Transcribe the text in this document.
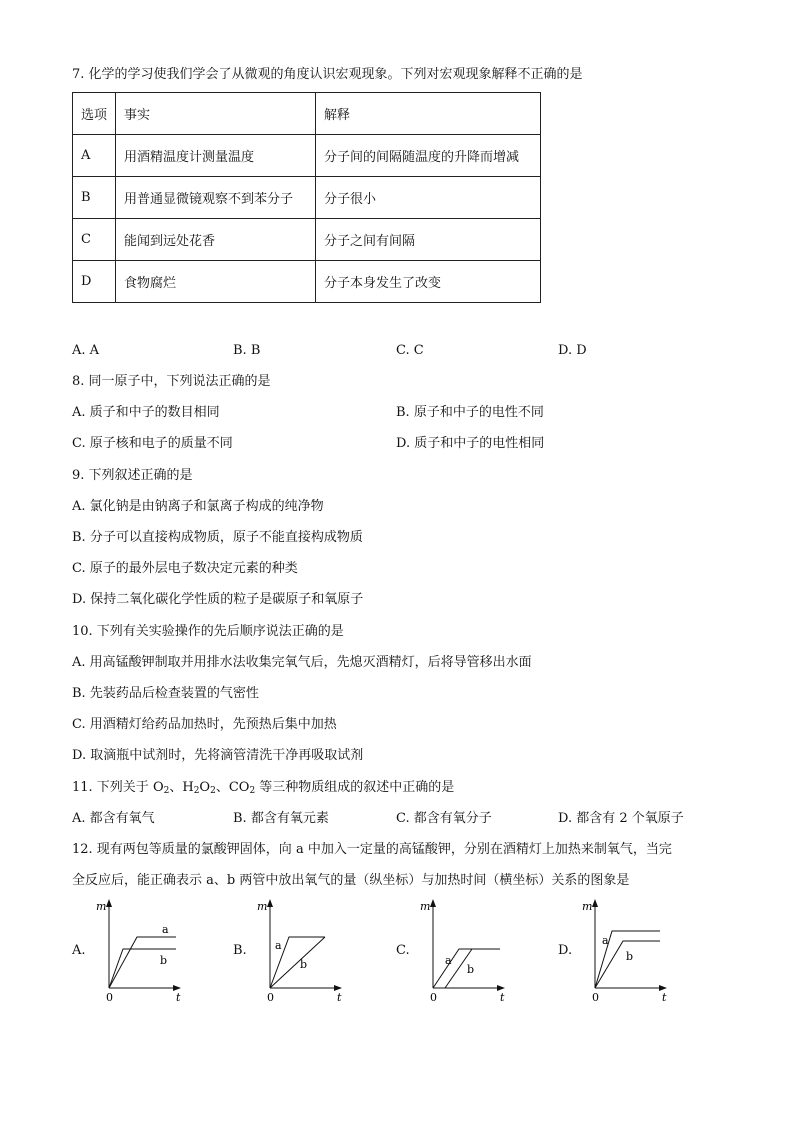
7. 化学的学习使我们学会了从微观的角度认识宏观现象。下列对宏观现象解释不正确的是
选项	事实	解释
A	用酒精温度计测量温度	分子间的间隔随温度的升降而增减
B	用普通显微镜观察不到苯分子	分子很小
C	能闻到远处花香	分子之间有间隔
D	食物腐烂	分子本身发生了改变
A. A	B. B	C. C	D. D
8. 同一原子中，下列说法正确的是
A. 质子和中子的数目相同	B. 原子和中子的电性不同
C. 原子核和电子的质量不同	D. 质子和中子的电性相同
9. 下列叙述正确的是
A. 氯化钠是由钠离子和氯离子构成的纯净物
B. 分子可以直接构成物质，原子不能直接构成物质
C. 原子的最外层电子数决定元素的种类
D. 保持二氧化碳化学性质的粒子是碳原子和氧原子
10. 下列有关实验操作的先后顺序说法正确的是
A. 用高锰酸钾制取并用排水法收集完氧气后，先熄灭酒精灯，后将导管移出水面
B. 先装药品后检查装置的气密性
C. 用酒精灯给药品加热时，先预热后集中加热
D. 取滴瓶中试剂时，先将滴管清洗干净再吸取试剂
11. 下列关于 $O_2$、$H_2O_2$、$CO_2$ 等三种物质组成的叙述中正确的是
A. 都含有氧气	B. 都含有氧元素	C. 都含有氧分子	D. 都含有 2 个氧原子
12. 现有两包等质量的氯酸钾固体，向 a 中加入一定量的高锰酸钾，分别在酒精灯上加热来制氧气，当完
全反应后，能正确表示 a、b 两管中放出氧气的量（纵坐标）与加热时间（横坐标）关系的图象是
A.
m
0	t
a
b
B.
m
0	t
a
b
C.
m
0	t
a
b
D.
m
0	t
a
b
